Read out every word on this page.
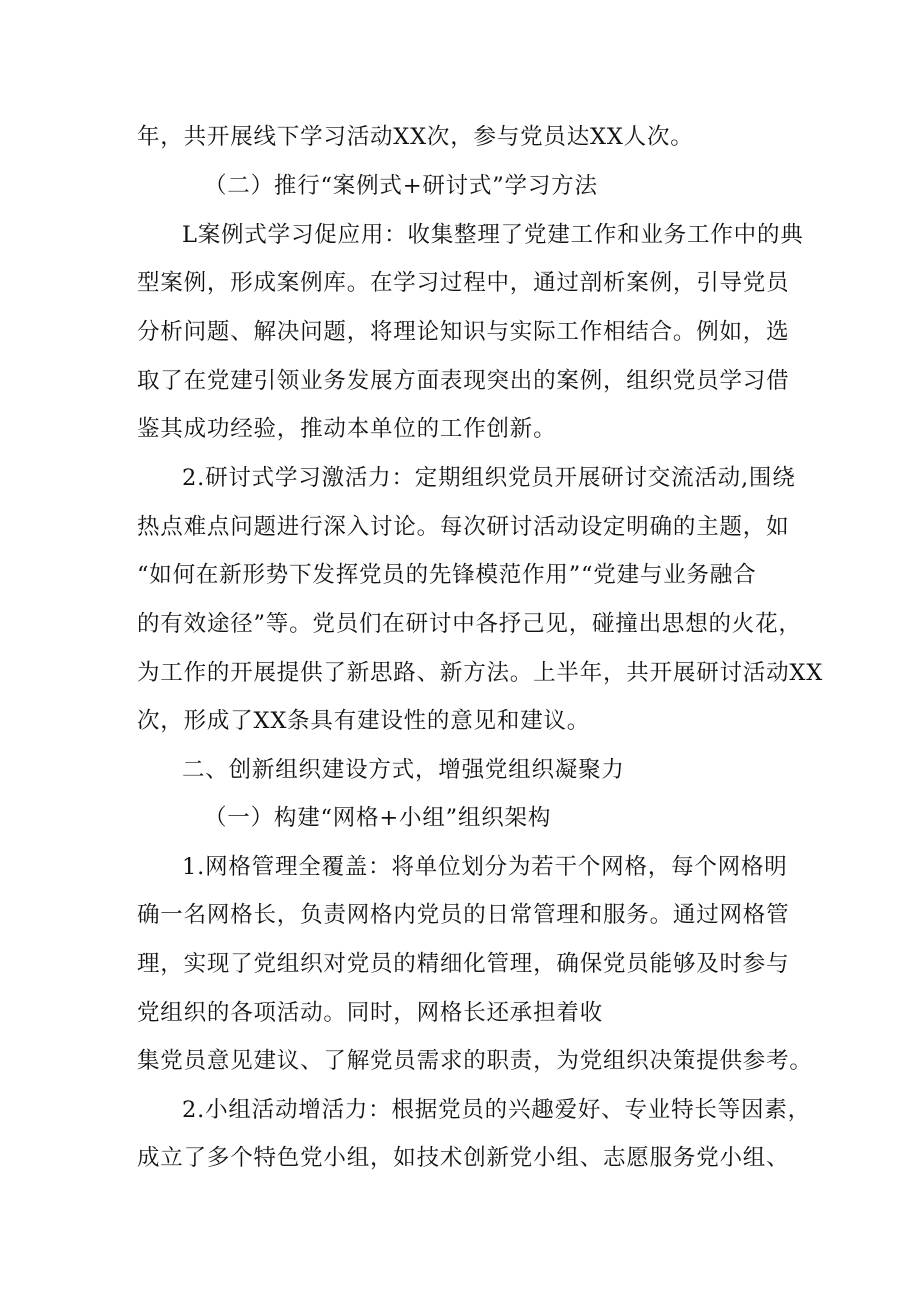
年，共开展线下学习活动XX次，参与党员达XX人次。

（二）推行“案例式+研讨式”学习方法

L案例式学习促应用：收集整理了党建工作和业务工作中的典

型案例，形成案例库。在学习过程中，通过剖析案例，引导党员

分析问题、解决问题，将理论知识与实际工作相结合。例如，选

取了在党建引领业务发展方面表现突出的案例，组织党员学习借

鉴其成功经验，推动本单位的工作创新。

2.研讨式学习激活力：定期组织党员开展研讨交流活动,围绕

热点难点问题进行深入讨论。每次研讨活动设定明确的主题，如

“如何在新形势下发挥党员的先锋模范作用”“党建与业务融合

的有效途径”等。党员们在研讨中各抒己见，碰撞出思想的火花，

为工作的开展提供了新思路、新方法。上半年，共开展研讨活动XX

次，形成了XX条具有建设性的意见和建议。

二、创新组织建设方式，增强党组织凝聚力

（一）构建“网格+小组”组织架构

1.网格管理全覆盖：将单位划分为若干个网格，每个网格明

确一名网格长，负责网格内党员的日常管理和服务。通过网格管

理，实现了党组织对党员的精细化管理，确保党员能够及时参与

党组织的各项活动。同时，网格长还承担着收

集党员意见建议、了解党员需求的职责，为党组织决策提供参考。

2.小组活动增活力：根据党员的兴趣爱好、专业特长等因素，

成立了多个特色党小组，如技术创新党小组、志愿服务党小组、
